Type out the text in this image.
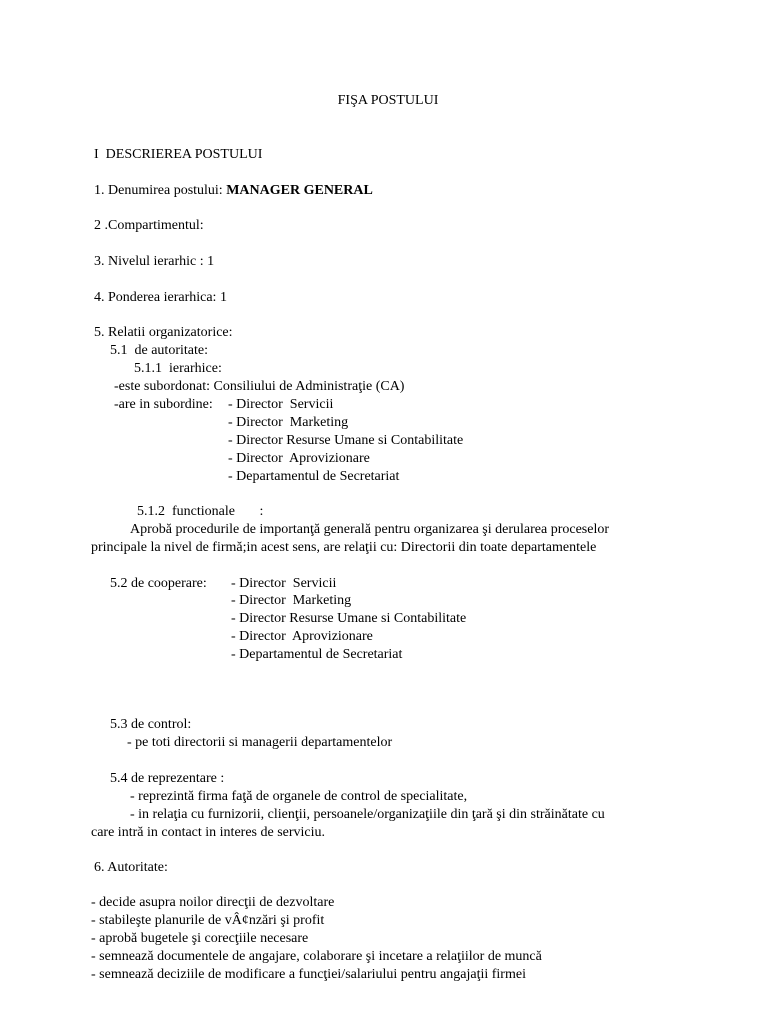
FIŞA POSTULUI
I  DESCRIEREA POSTULUI
1. Denumirea postului: MANAGER GENERAL
2 .Compartimentul:
3. Nivelul ierarhic : 1
4. Ponderea ierarhica: 1
5. Relatii organizatorice:
5.1  de autoritate:
5.1.1  ierarhice:
-este subordonat: Consiliului de Administraţie (CA)
-are in subordine: - Director  Servicii
- Director  Marketing
- Director Resurse Umane si Contabilitate
- Director  Aprovizionare
- Departamentul de Secretariat
5.1.2  functionale       :
Aprobă procedurile de importanţă generală pentru organizarea şi derularea proceselor
principale la nivel de firmă;in acest sens, are relaţii cu: Directorii din toate departamentele
5.2 de cooperare: - Director  Servicii
- Director  Marketing
- Director Resurse Umane si Contabilitate
- Director  Aprovizionare
- Departamentul de Secretariat
5.3 de control:
- pe toti directorii si managerii departamentelor
5.4 de reprezentare :
- reprezintă firma faţă de organele de control de specialitate,
- in relaţia cu furnizorii, clienţii, persoanele/organizaţiile din ţară şi din străinătate cu
care intră in contact in interes de serviciu.
6. Autoritate:
- decide asupra noilor direcţii de dezvoltare
- stabileşte planurile de vÂ¢nzări şi profit
- aprobă bugetele şi corecţiile necesare
- semnează documentele de angajare, colaborare şi incetare a relaţiilor de muncă
- semnează deciziile de modificare a funcţiei/salariului pentru angajaţii firmei
